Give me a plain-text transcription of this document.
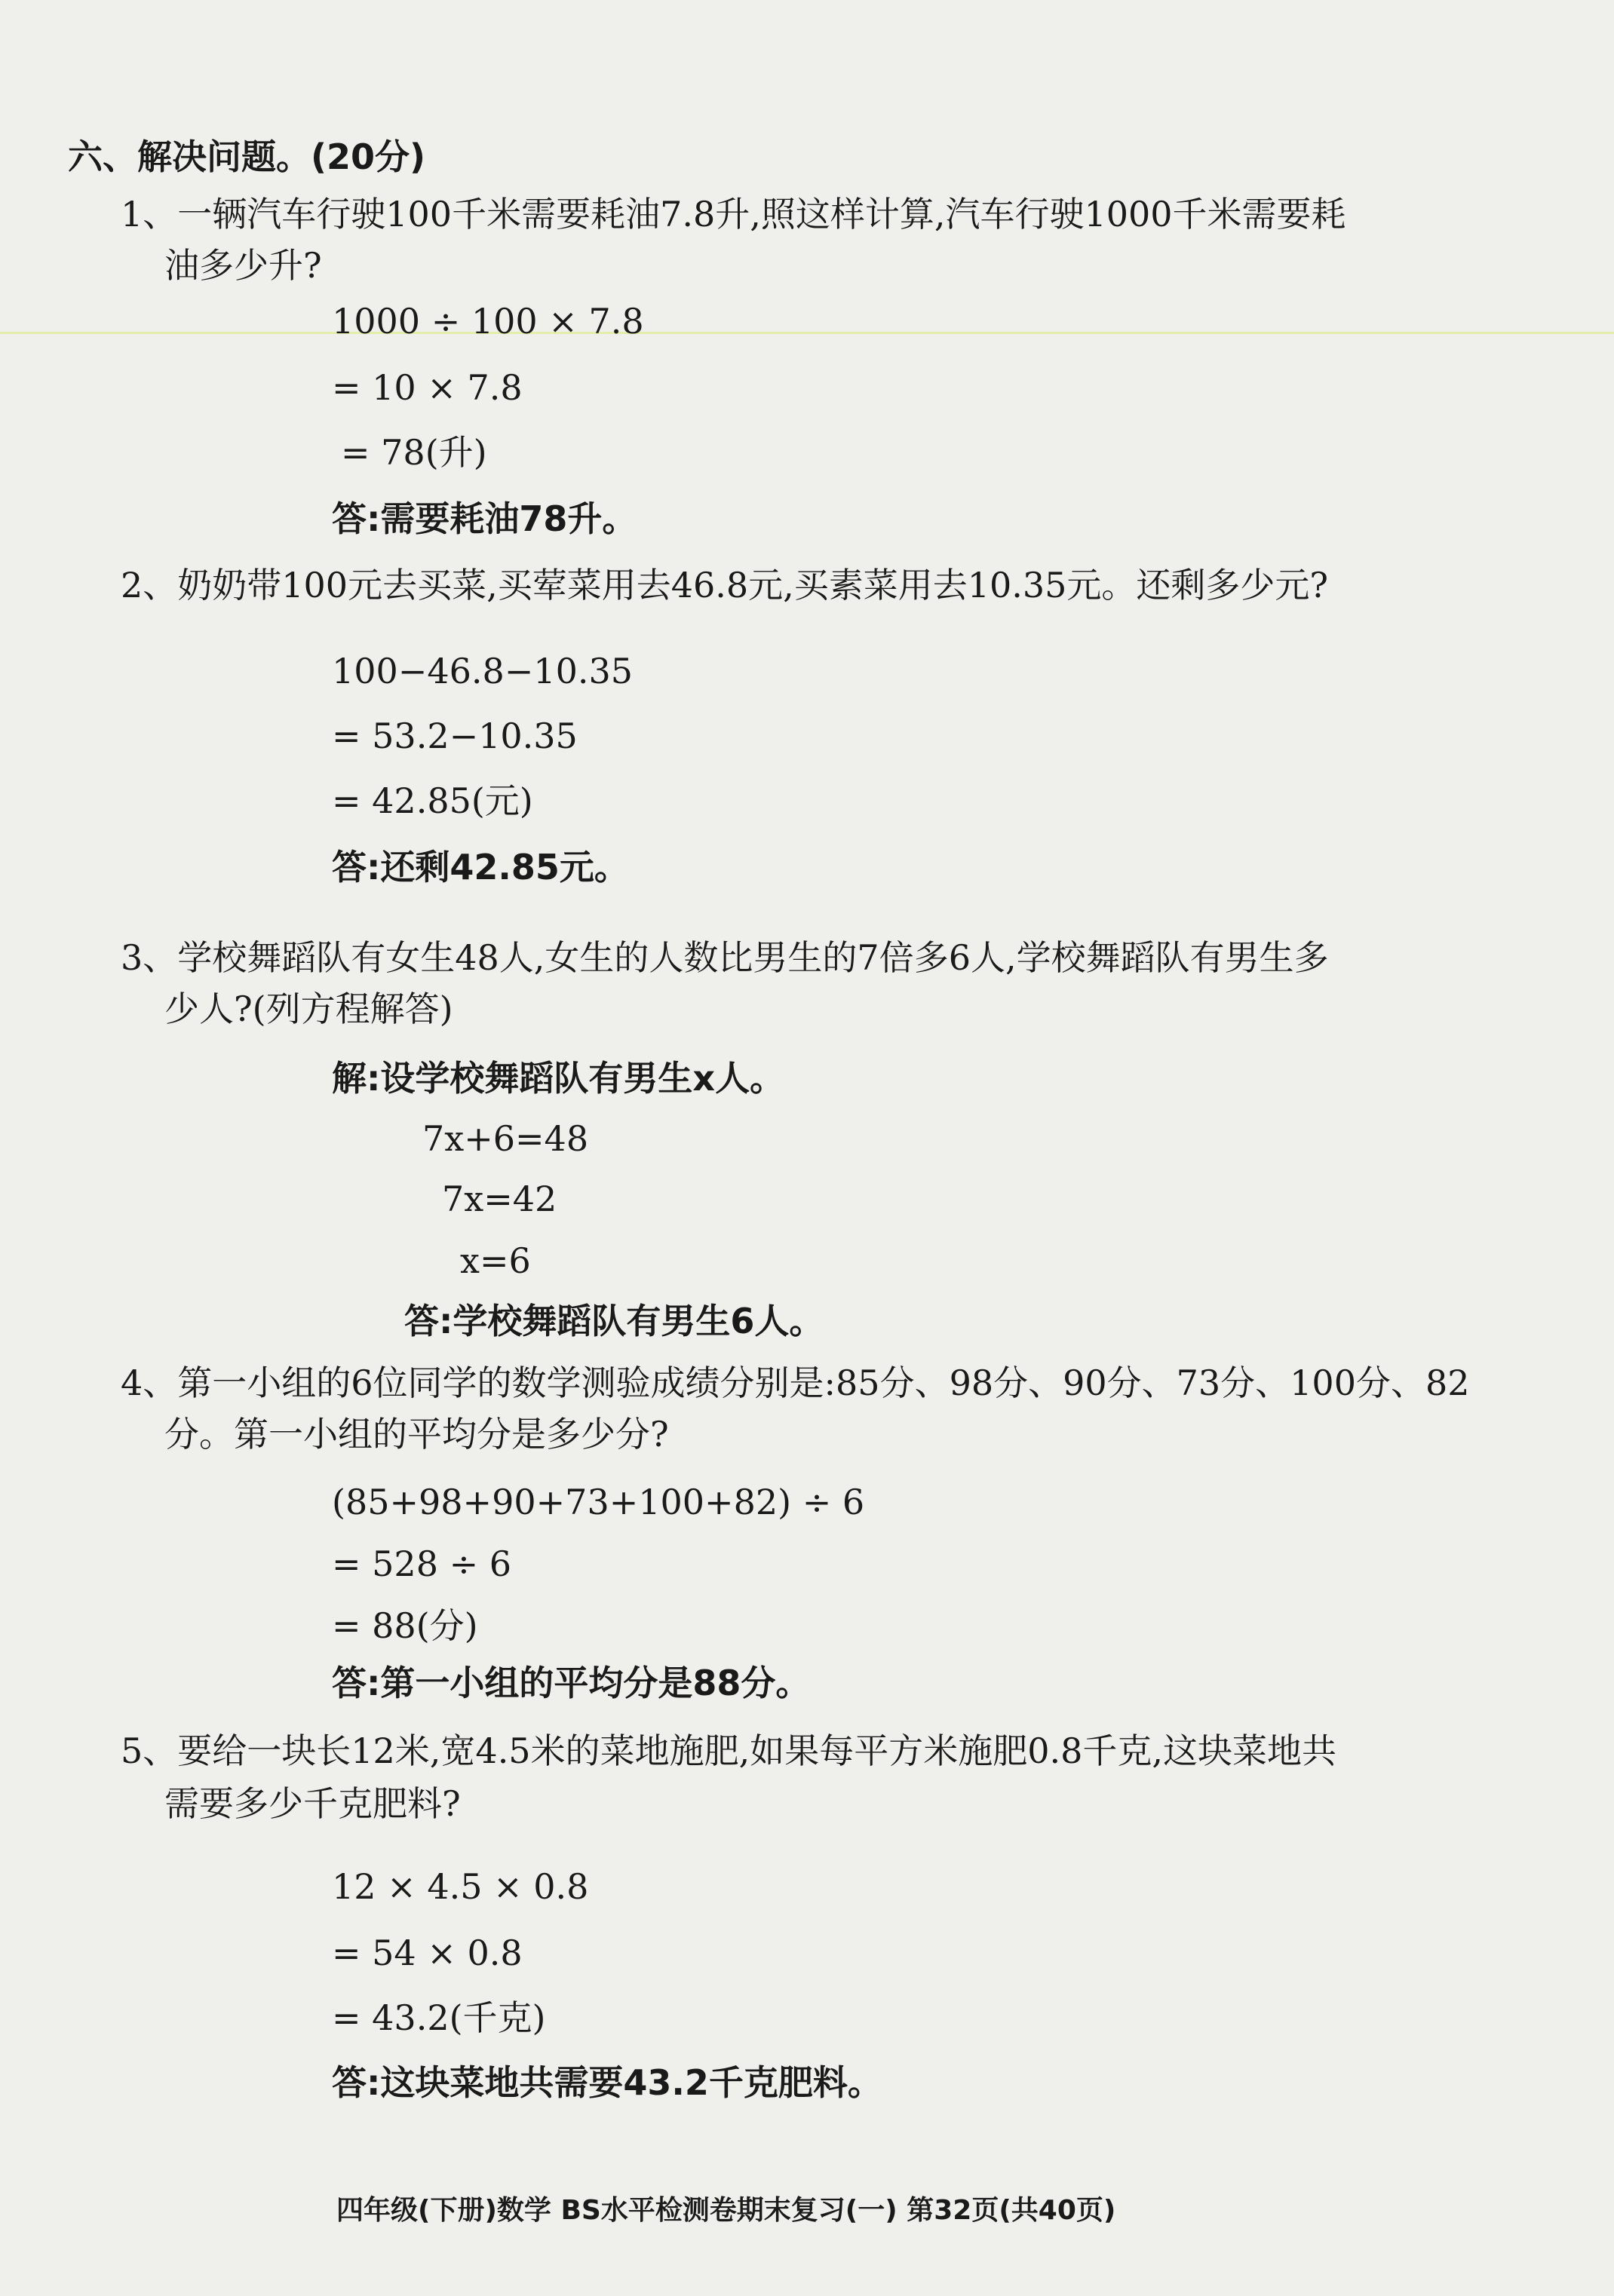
六、解决问题。(20分)
1、一辆汽车行驶100千米需要耗油7.8升,照这样计算,汽车行驶1000千米需要耗
油多少升?
1000 ÷ 100 × 7.8
= 10 × 7.8
= 78(升)
答:需要耗油78升。
2、奶奶带100元去买菜,买荤菜用去46.8元,买素菜用去10.35元。还剩多少元?
100−46.8−10.35
= 53.2−10.35
= 42.85(元)
答:还剩42.85元。
3、学校舞蹈队有女生48人,女生的人数比男生的7倍多6人,学校舞蹈队有男生多
少人?(列方程解答)
解:设学校舞蹈队有男生x人。
7x+6=48
7x=42
x=6
答:学校舞蹈队有男生6人。
4、第一小组的6位同学的数学测验成绩分别是:85分、98分、90分、73分、100分、82
分。第一小组的平均分是多少分?
(85+98+90+73+100+82) ÷ 6
= 528 ÷ 6
= 88(分)
答:第一小组的平均分是88分。
5、要给一块长12米,宽4.5米的菜地施肥,如果每平方米施肥0.8千克,这块菜地共
需要多少千克肥料?
12 × 4.5 × 0.8
= 54 × 0.8
= 43.2(千克)
答:这块菜地共需要43.2千克肥料。
四年级(下册)数学 BS水平检测卷期末复习(一) 第32页(共40页)
